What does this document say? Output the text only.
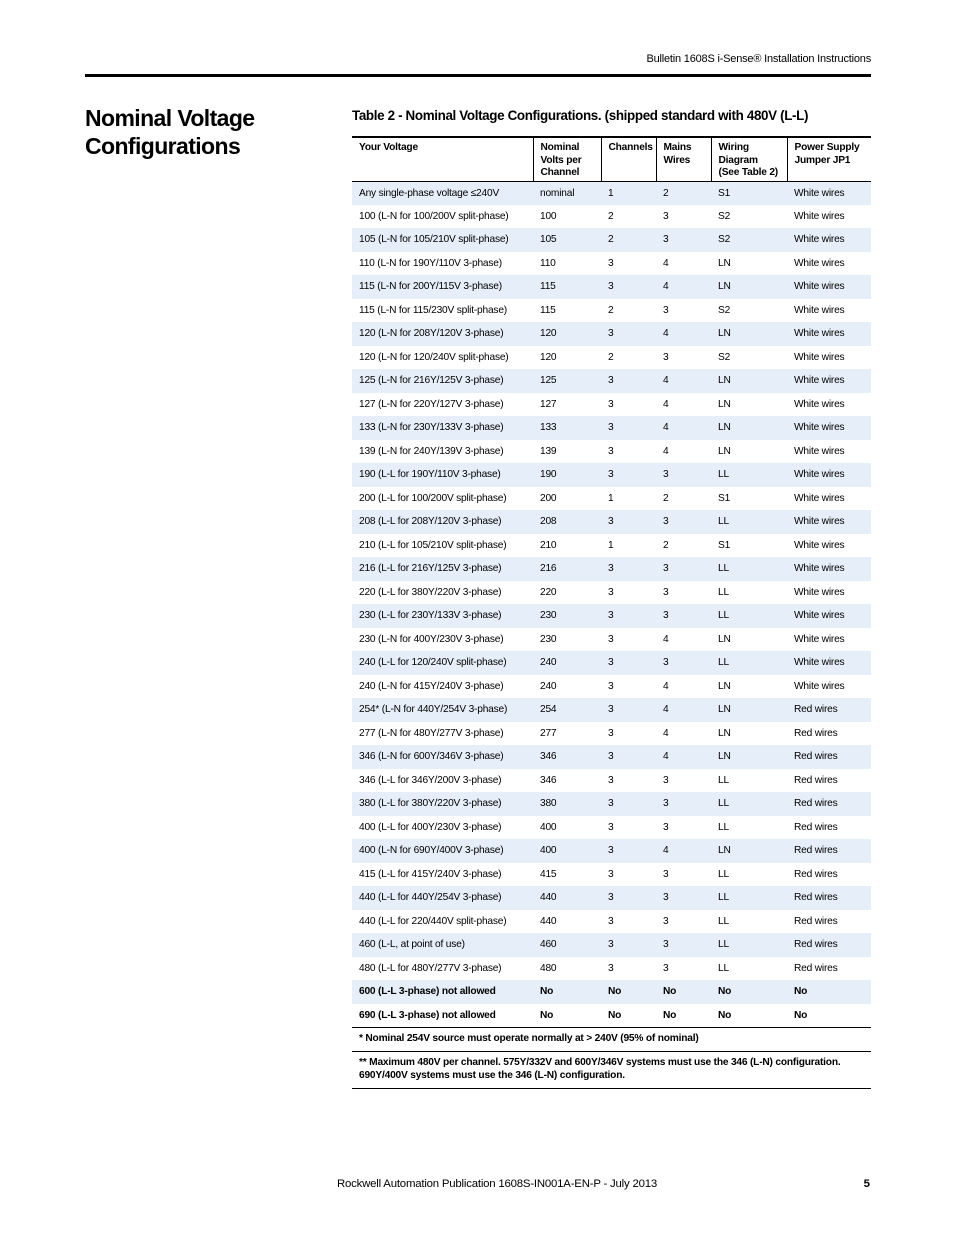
Bulletin 1608S i-Sense® Installation Instructions
Nominal Voltage Configurations
Table 2 - Nominal Voltage Configurations. (shipped standard with 480V (L-L)
Your Voltage	Nominal Volts per Channel	Channels	Mains Wires	Wiring Diagram (See Table 2)	Power Supply Jumper JP1
Any single-phase voltage ≤240V	nominal	1	2	S1	White wires
100 (L-N for 100/200V split-phase)	100	2	3	S2	White wires
105 (L-N for 105/210V split-phase)	105	2	3	S2	White wires
110 (L-N for 190Y/110V 3-phase)	110	3	4	LN	White wires
115 (L-N for 200Y/115V 3-phase)	115	3	4	LN	White wires
115 (L-N for 115/230V split-phase)	115	2	3	S2	White wires
120 (L-N for 208Y/120V 3-phase)	120	3	4	LN	White wires
120 (L-N for 120/240V split-phase)	120	2	3	S2	White wires
125 (L-N for 216Y/125V 3-phase)	125	3	4	LN	White wires
127 (L-N for 220Y/127V 3-phase)	127	3	4	LN	White wires
133 (L-N for 230Y/133V 3-phase)	133	3	4	LN	White wires
139 (L-N for 240Y/139V 3-phase)	139	3	4	LN	White wires
190 (L-L for 190Y/110V 3-phase)	190	3	3	LL	White wires
200 (L-L for 100/200V split-phase)	200	1	2	S1	White wires
208 (L-L for 208Y/120V 3-phase)	208	3	3	LL	White wires
210 (L-L for 105/210V split-phase)	210	1	2	S1	White wires
216 (L-L for 216Y/125V 3-phase)	216	3	3	LL	White wires
220 (L-L for 380Y/220V 3-phase)	220	3	3	LL	White wires
230 (L-L for 230Y/133V 3-phase)	230	3	3	LL	White wires
230 (L-N for 400Y/230V 3-phase)	230	3	4	LN	White wires
240 (L-L for 120/240V split-phase)	240	3	3	LL	White wires
240 (L-N for 415Y/240V 3-phase)	240	3	4	LN	White wires
254* (L-N for 440Y/254V 3-phase)	254	3	4	LN	Red wires
277 (L-N for 480Y/277V 3-phase)	277	3	4	LN	Red wires
346 (L-N for 600Y/346V 3-phase)	346	3	4	LN	Red wires
346 (L-L for 346Y/200V 3-phase)	346	3	3	LL	Red wires
380 (L-L for 380Y/220V 3-phase)	380	3	3	LL	Red wires
400 (L-L for 400Y/230V 3-phase)	400	3	3	LL	Red wires
400 (L-N for 690Y/400V 3-phase)	400	3	4	LN	Red wires
415 (L-L for 415Y/240V 3-phase)	415	3	3	LL	Red wires
440 (L-L for 440Y/254V 3-phase)	440	3	3	LL	Red wires
440 (L-L for 220/440V split-phase)	440	3	3	LL	Red wires
460 (L-L, at point of use)	460	3	3	LL	Red wires
480 (L-L for 480Y/277V 3-phase)	480	3	3	LL	Red wires
600 (L-L 3-phase) not allowed	No	No	No	No	No
690 (L-L 3-phase) not allowed	No	No	No	No	No
* Nominal 254V source must operate normally at > 240V (95% of nominal)
** Maximum 480V per channel. 575Y/332V and 600Y/346V systems must use the 346 (L-N) configuration. 690Y/400V systems must use the 346 (L-N) configuration.
Rockwell Automation Publication 1608S-IN001A-EN-P - July 2013	5
